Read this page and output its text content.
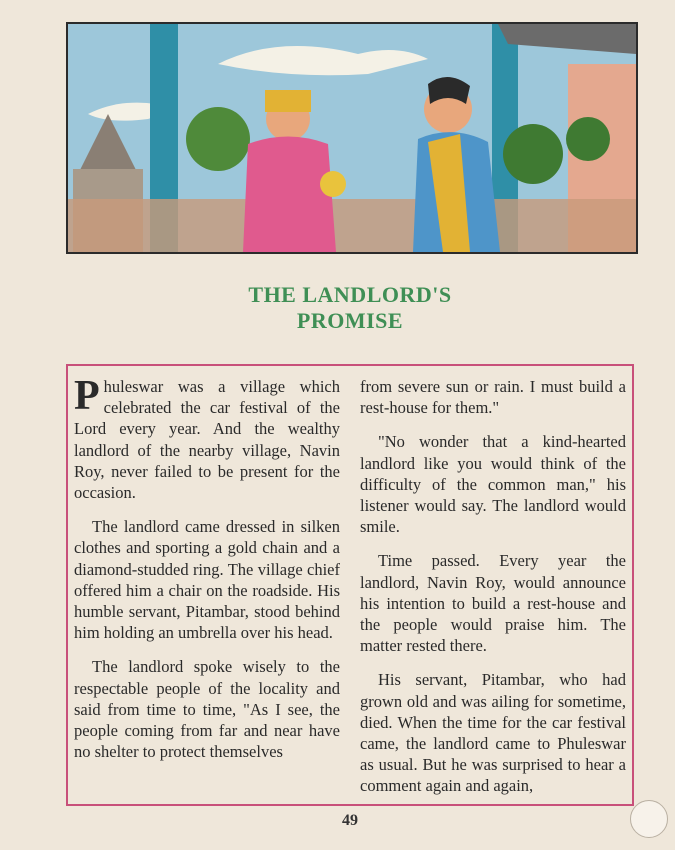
THE LANDLORD'S
PROMISE

Phuleswar was a village which celebrated the car festival of the Lord every year. And the wealthy landlord of the nearby village, Navin Roy, never failed to be present for the occasion.

The landlord came dressed in silken clothes and sporting a gold chain and a diamond-studded ring. The village chief offered him a chair on the roadside. His humble servant, Pitambar, stood behind him holding an umbrella over his head.

The landlord spoke wisely to the respectable people of the locality and said from time to time, "As I see, the people coming from far and near have no shelter to protect themselves

from severe sun or rain. I must build a rest-house for them."

"No wonder that a kind-hearted landlord like you would think of the difficulty of the common man," his listener would say. The landlord would smile.

Time passed. Every year the landlord, Navin Roy, would announce his intention to build a rest-house and the people would praise him. The matter rested there.

His servant, Pitambar, who had grown old and was ailing for sometime, died. When the time for the car festival came, the landlord came to Phuleswar as usual. But he was surprised to hear a comment again and again,

49
